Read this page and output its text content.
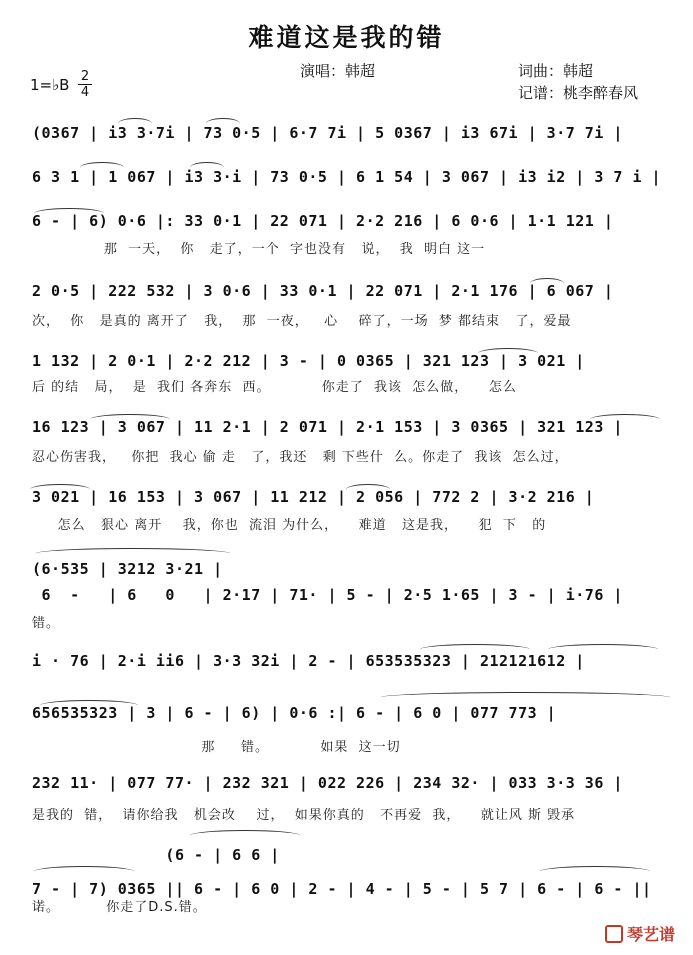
难道这是我的错
1=♭B 2
4
演唱：韩超	词曲：韩超
记谱：桃李醉春风
(0367 | i3 3·7i | 73 0·5 | 6·7 7i | 5 0367 | i3 67i | 3·7 7i |
6 3 1 | 1 067 | i3 3·i | 73 0·5 | 6 1 54 | 3 067 | i3 i2 | 3 7 i |
6 - | 6) 0·6 |: 33 0·1 | 22 071 | 2·2 216 | 6 0·6 | 1·1 121 |
那  一天，  你   走了，一个  字也没有   说，  我  明白 这一
2 0·5 | 222 532 | 3 0·6 | 33 0·1 | 22 071 | 2·1 176 | 6 067 |
次，  你   是真的 离开了   我，  那  一夜，   心    碎了，一场  梦 都结束   了，爱最
1 132 | 2 0·1 | 2·2 212 | 3 - | 0 0365 | 321 123 | 3 021 |
后 的结   局，  是  我们 各奔东  西。          你走了  我该  怎么做，    怎么
16 123 | 3 067 | 11 2·1 | 2 071 | 2·1 153 | 3 0365 | 321 123 |
忍心伤害我，   你把  我心 偷 走   了，我还   剩 下些什  么。你走了  我该  怎么过，
3 021 | 16 153 | 3 067 | 11 212 | 2 056 | 772 2 | 3·2 216 |
怎么   狠心 离开    我，你也  流泪 为什么，    难道   这是我，    犯  下   的
(6·535 | 3212 3·21 |
6  -   | 6   0   | 2·17 | 71· | 5 - | 2·5 1·65 | 3 - | i·76 |
错。
i · 76 | 2·i ii6 | 3·3 32i | 2 - | 653535323 | 212121612 |
656535323 | 3 | 6 - | 6) | 0·6 :| 6 - | 6 0 | 077 773 |
那     错。          如果  这一切
232 11· | 077 77· | 232 321 | 022 226 | 234 32· | 033 3·3 36 |
是我的  错，  请你给我   机会改    过，  如果你真的   不再爱  我，    就让风 斯 毁承
(6 - | 6 6 |
7 - | 7) 0365 || 6 - | 6 0 | 2 - | 4 - | 5 - | 5 7 | 6 - | 6 - ||
诺。         你走了D.S.错。
琴艺谱
